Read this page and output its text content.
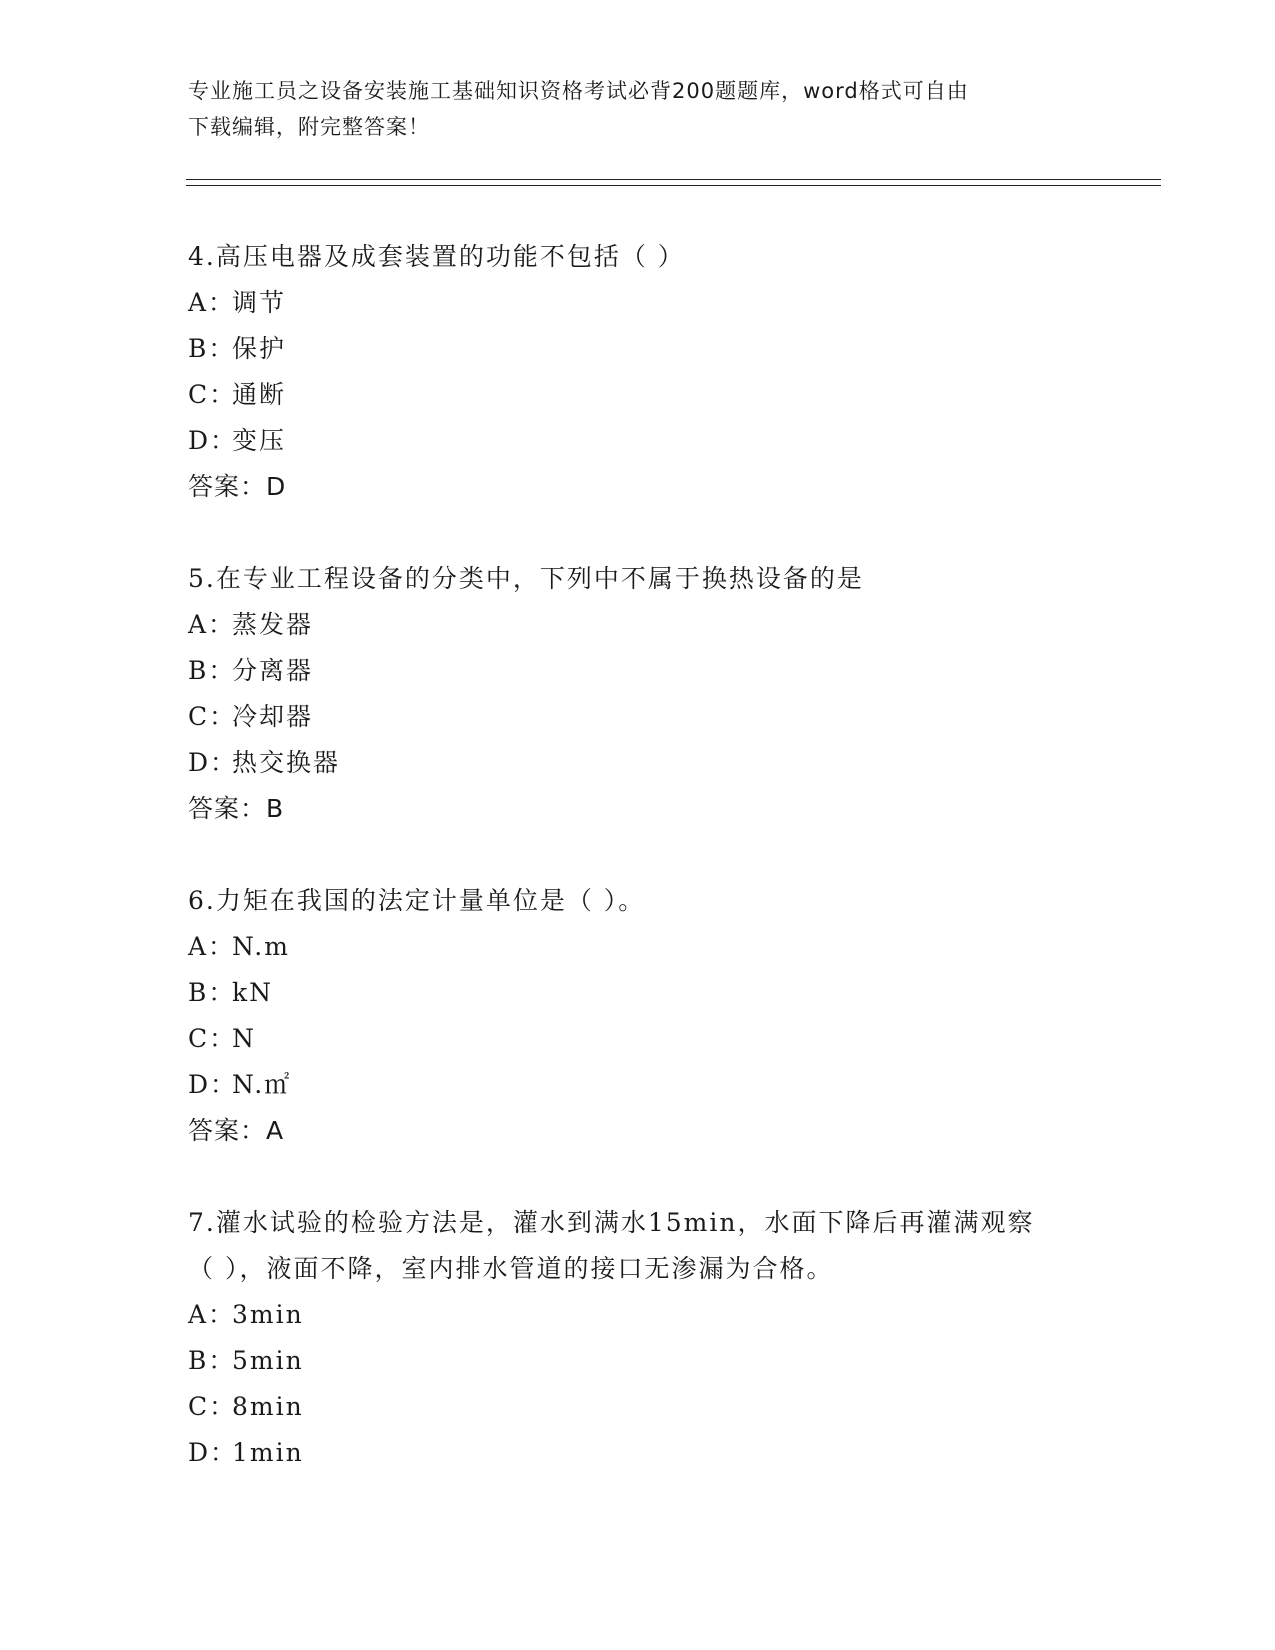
专业施工员之设备安装施工基础知识资格考试必背200题题库，word格式可自由
下载编辑，附完整答案！
4.高压电器及成套装置的功能不包括（ ）
A：
调节
B：
保护
C：
通断
D：
变压
答案：D
5.在专业工程设备的分类中，下列中不属于换热设备的是
A：
蒸发器
B：
分离器
C：
冷却器
D：
热交换器
答案：B
6.力矩在我国的法定计量单位是（ ）。
A：
N.m
B：
kN
C：
N
D：
N.㎡
答案：A
7.灌水试验的检验方法是，灌水到满水15min，水面下降后再灌满观察
（ ），液面不降，室内排水管道的接口无渗漏为合格。
A：
3min
B：
5min
C：
8min
D：
1min
